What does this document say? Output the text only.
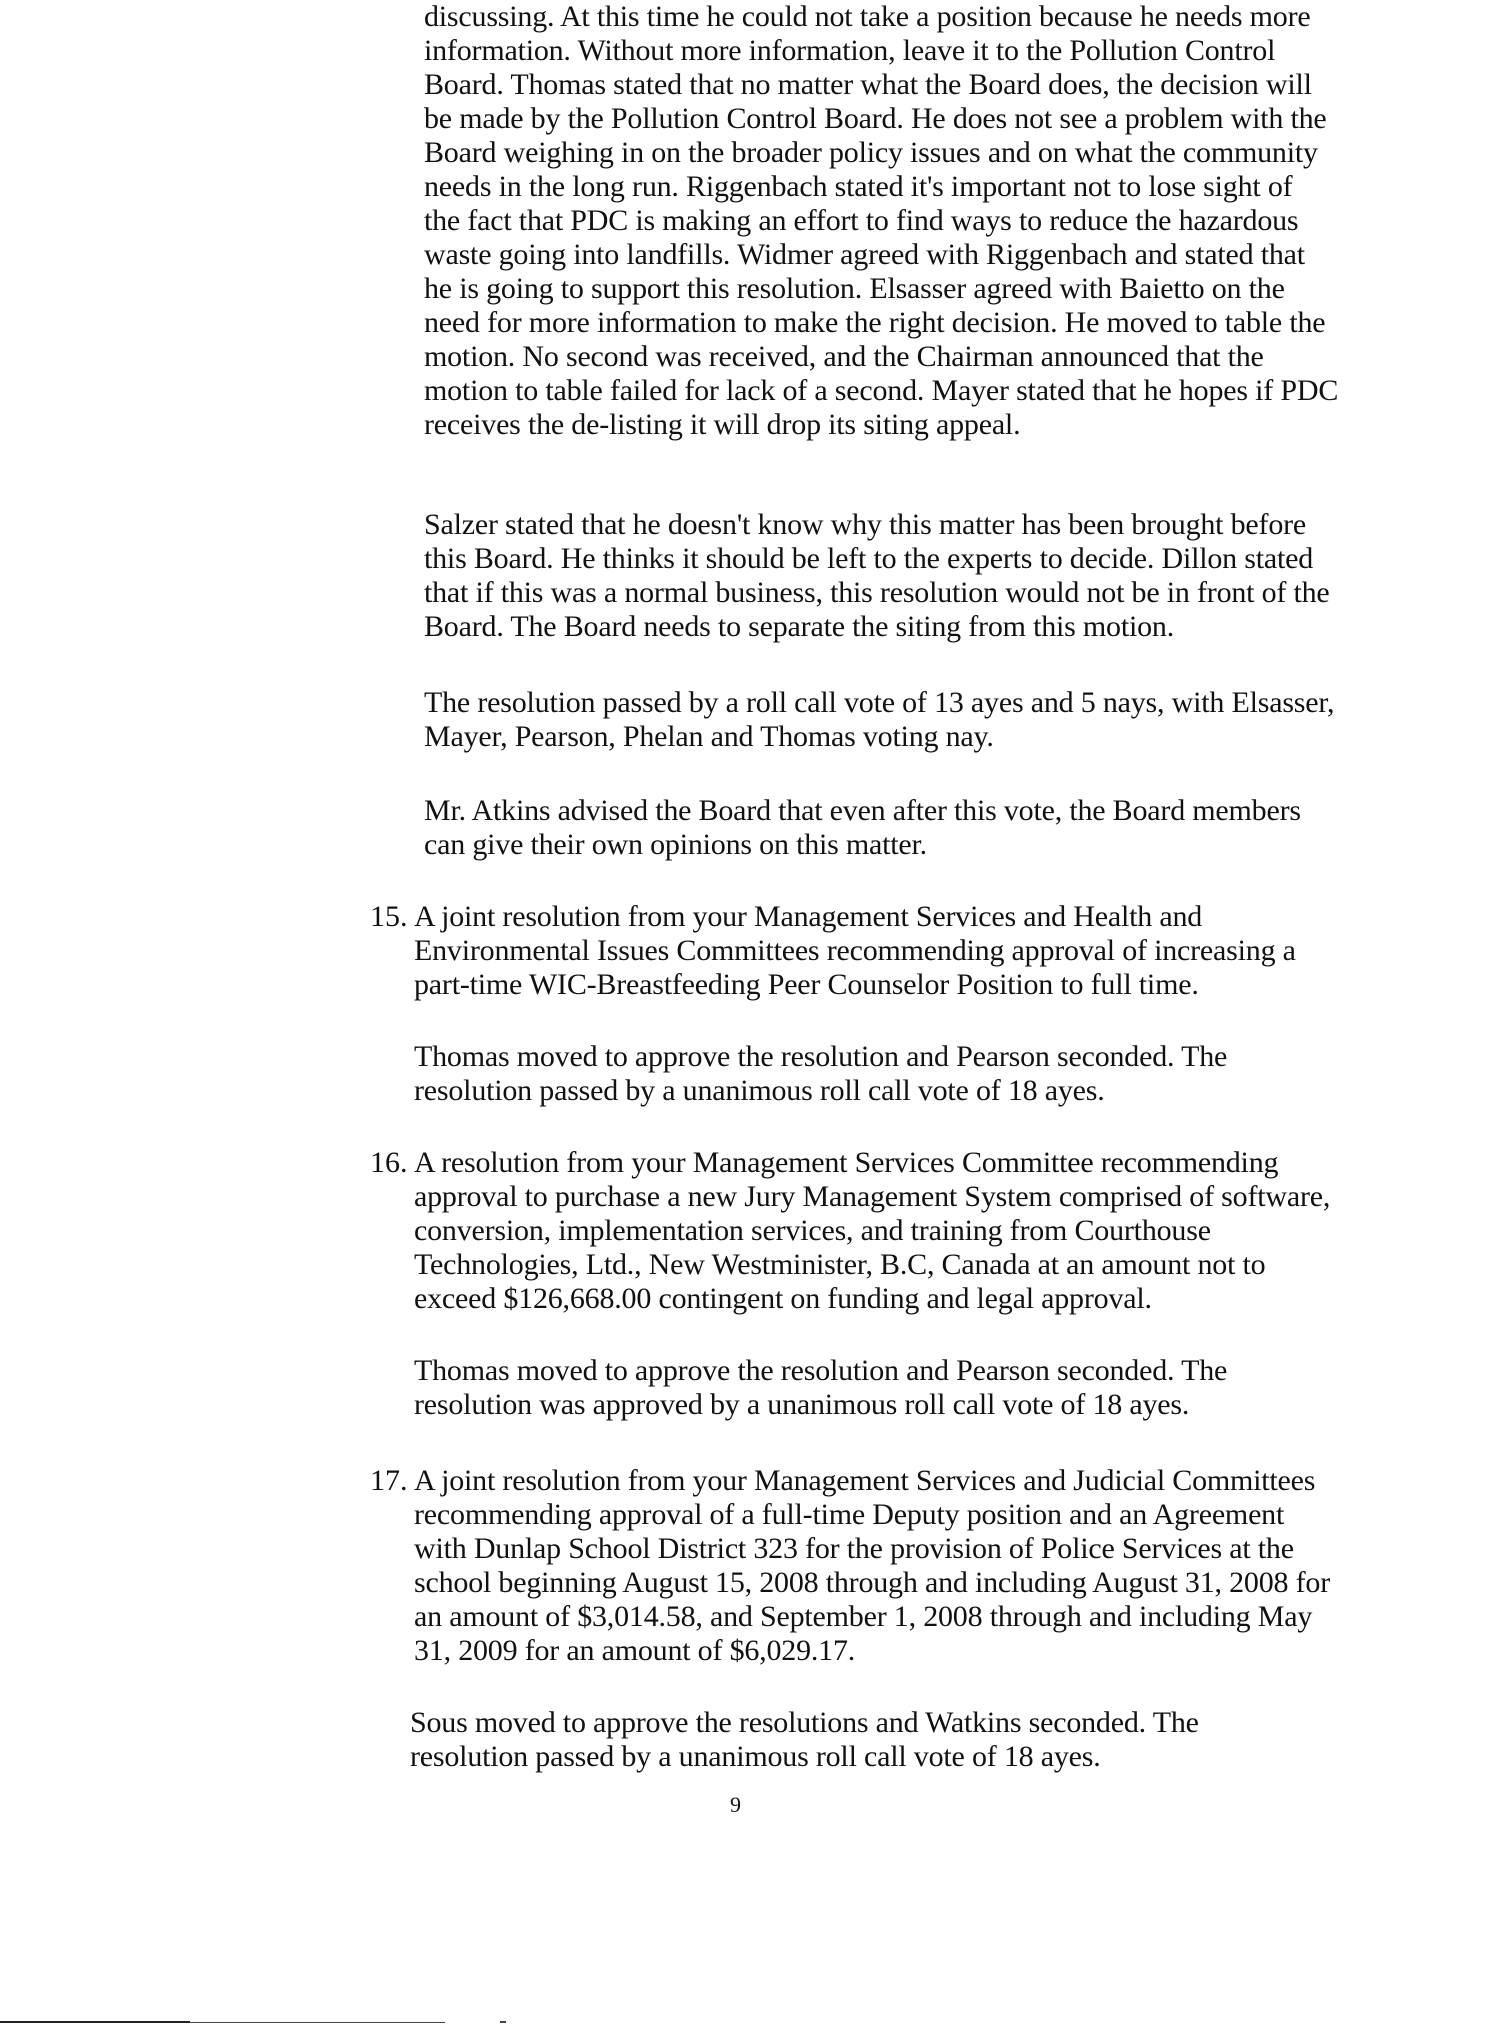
discussing. At this time he could not take a position because he needs more
information. Without more information, leave it to the Pollution Control
Board. Thomas stated that no matter what the Board does, the decision will
be made by the Pollution Control Board. He does not see a problem with the
Board weighing in on the broader policy issues and on what the community
needs in the long run. Riggenbach stated it's important not to lose sight of
the fact that PDC is making an effort to find ways to reduce the hazardous
waste going into landfills. Widmer agreed with Riggenbach and stated that
he is going to support this resolution. Elsasser agreed with Baietto on the
need for more information to make the right decision. He moved to table the
motion. No second was received, and the Chairman announced that the
motion to table failed for lack of a second. Mayer stated that he hopes if PDC
receives the de-listing it will drop its siting appeal.
Salzer stated that he doesn't know why this matter has been brought before
this Board. He thinks it should be left to the experts to decide. Dillon stated
that if this was a normal business, this resolution would not be in front of the
Board. The Board needs to separate the siting from this motion.
The resolution passed by a roll call vote of 13 ayes and 5 nays, with Elsasser,
Mayer, Pearson, Phelan and Thomas voting nay.
Mr. Atkins advised the Board that even after this vote, the Board members
can give their own opinions on this matter.
15. A joint resolution from your Management Services and Health and
Environmental Issues Committees recommending approval of increasing a
part-time WIC-Breastfeeding Peer Counselor Position to full time.
Thomas moved to approve the resolution and Pearson seconded. The
resolution passed by a unanimous roll call vote of 18 ayes.
16. A resolution from your Management Services Committee recommending
approval to purchase a new Jury Management System comprised of software,
conversion, implementation services, and training from Courthouse
Technologies, Ltd., New Westminister, B.C, Canada at an amount not to
exceed $126,668.00 contingent on funding and legal approval.
Thomas moved to approve the resolution and Pearson seconded. The
resolution was approved by a unanimous roll call vote of 18 ayes.
17. A joint resolution from your Management Services and Judicial Committees
recommending approval of a full-time Deputy position and an Agreement
with Dunlap School District 323 for the provision of Police Services at the
school beginning August 15, 2008 through and including August 31, 2008 for
an amount of $3,014.58, and September 1, 2008 through and including May
31, 2009 for an amount of $6,029.17.
Sous moved to approve the resolutions and Watkins seconded. The
resolution passed by a unanimous roll call vote of 18 ayes.
9
